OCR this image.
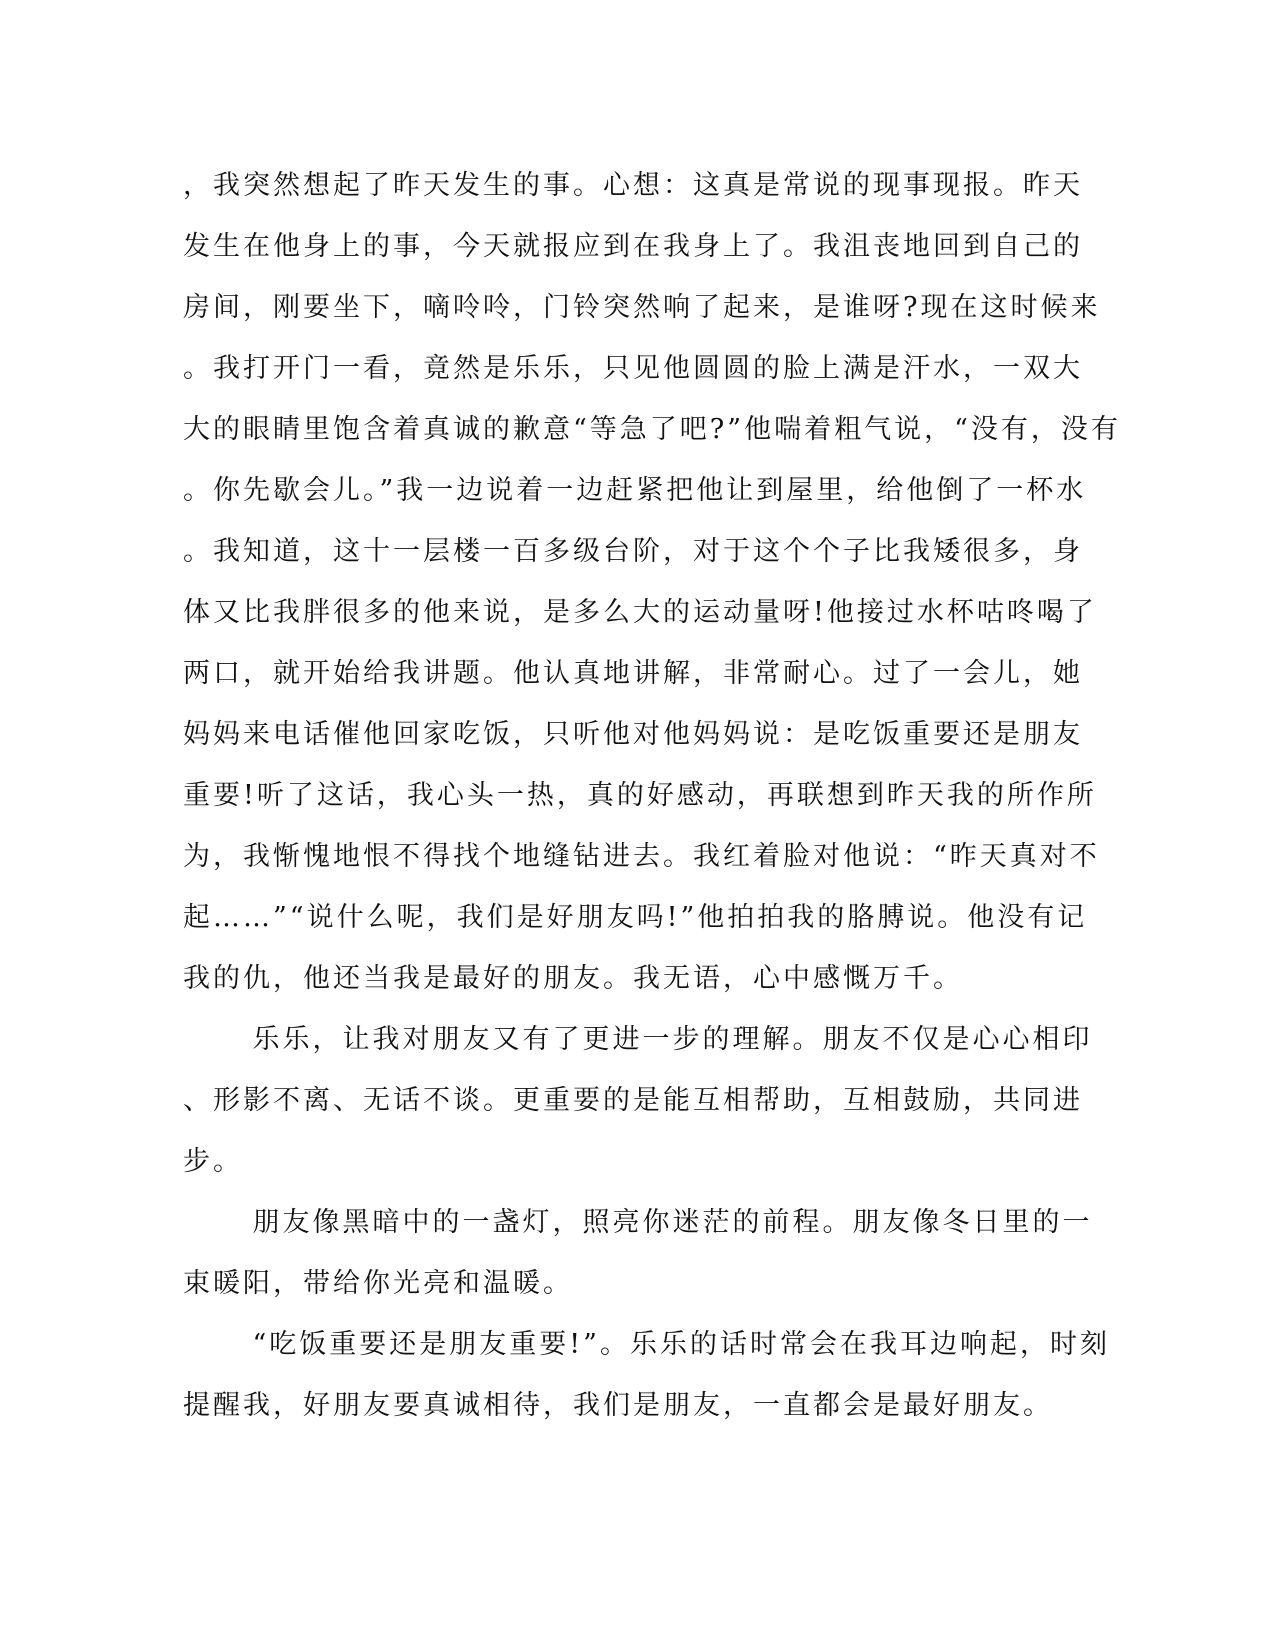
，我突然想起了昨天发生的事。心想：这真是常说的现事现报。昨天
发生在他身上的事，今天就报应到在我身上了。我沮丧地回到自己的
房间，刚要坐下，嘀呤呤，门铃突然响了起来，是谁呀?现在这时候来
。我打开门一看，竟然是乐乐，只见他圆圆的脸上满是汗水，一双大
大的眼睛里饱含着真诚的歉意“等急了吧?”他喘着粗气说，“没有，没有
。你先歇会儿。”我一边说着一边赶紧把他让到屋里，给他倒了一杯水
。我知道，这十一层楼一百多级台阶，对于这个个子比我矮很多，身
体又比我胖很多的他来说，是多么大的运动量呀!他接过水杯咕咚喝了
两口，就开始给我讲题。他认真地讲解，非常耐心。过了一会儿，她
妈妈来电话催他回家吃饭，只听他对他妈妈说：是吃饭重要还是朋友
重要!听了这话，我心头一热，真的好感动，再联想到昨天我的所作所
为，我惭愧地恨不得找个地缝钻进去。我红着脸对他说：“昨天真对不
起……”“说什么呢，我们是好朋友吗!”他拍拍我的胳膊说。他没有记
我的仇，他还当我是最好的朋友。我无语，心中感慨万千。
乐乐，让我对朋友又有了更进一步的理解。朋友不仅是心心相印
、形影不离、无话不谈。更重要的是能互相帮助，互相鼓励，共同进
步。
朋友像黑暗中的一盏灯，照亮你迷茫的前程。朋友像冬日里的一
束暖阳，带给你光亮和温暖。
“吃饭重要还是朋友重要!”。乐乐的话时常会在我耳边响起，时刻
提醒我，好朋友要真诚相待，我们是朋友，一直都会是最好朋友。
